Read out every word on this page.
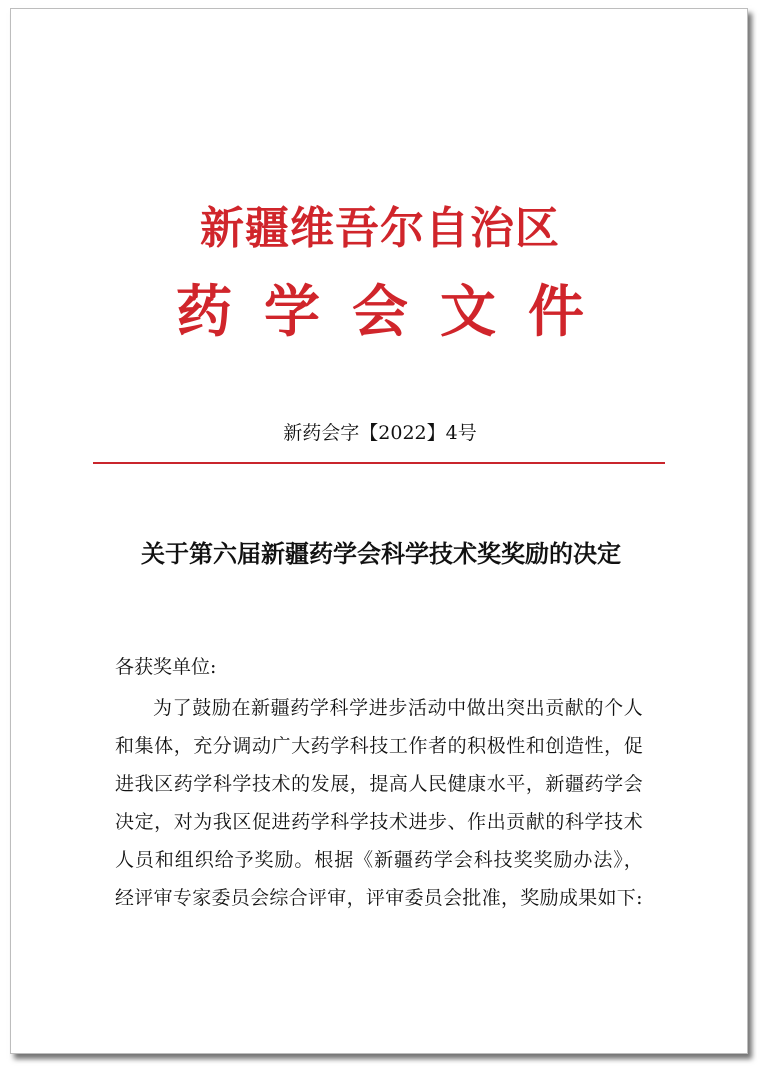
新疆维吾尔自治区
药学会文件
新药会字【2022】4号
关于第六届新疆药学会科学技术奖奖励的决定
各获奖单位:
为了鼓励在新疆药学科学进步活动中做出突出贡献的个人和集体，充分调动广大药学科技工作者的积极性和创造性，促进我区药学科学技术的发展，提高人民健康水平，新疆药学会决定，对为我区促进药学科学技术进步、作出贡献的科学技术人员和组织给予奖励。根据《新疆药学会科技奖奖励办法》，经评审专家委员会综合评审，评审委员会批准，奖励成果如下:
